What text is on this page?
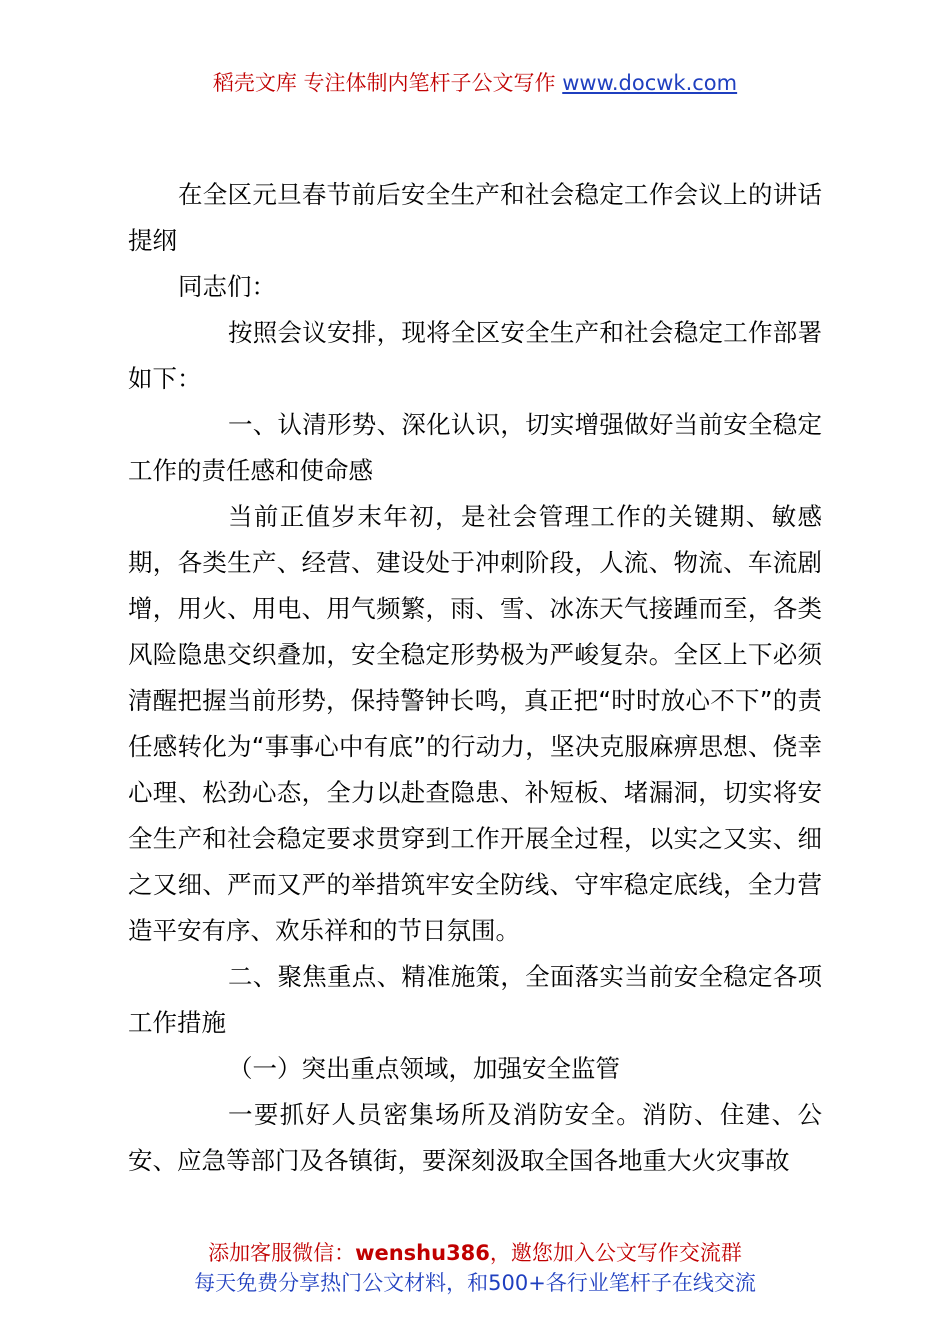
稻壳文库 专注体制内笔杆子公文写作 www.docwk.com

在全区元旦春节前后安全生产和社会稳定工作会议上的讲话提纲

同志们：

按照会议安排，现将全区安全生产和社会稳定工作部署如下：

一、认清形势、深化认识，切实增强做好当前安全稳定工作的责任感和使命感

当前正值岁末年初，是社会管理工作的关键期、敏感期，各类生产、经营、建设处于冲刺阶段，人流、物流、车流剧增，用火、用电、用气频繁，雨、雪、冰冻天气接踵而至，各类风险隐患交织叠加，安全稳定形势极为严峻复杂。全区上下必须清醒把握当前形势，保持警钟长鸣，真正把“时时放心不下”的责任感转化为“事事心中有底”的行动力，坚决克服麻痹思想、侥幸心理、松劲心态，全力以赴查隐患、补短板、堵漏洞，切实将安全生产和社会稳定要求贯穿到工作开展全过程，以实之又实、细之又细、严而又严的举措筑牢安全防线、守牢稳定底线，全力营造平安有序、欢乐祥和的节日氛围。

二、聚焦重点、精准施策，全面落实当前安全稳定各项工作措施

（一）突出重点领域，加强安全监管

一要抓好人员密集场所及消防安全。消防、住建、公安、应急等部门及各镇街，要深刻汲取全国各地重大火灾事故

添加客服微信：wenshu386，邀您加入公文写作交流群
每天免费分享热门公文材料，和500+各行业笔杆子在线交流
